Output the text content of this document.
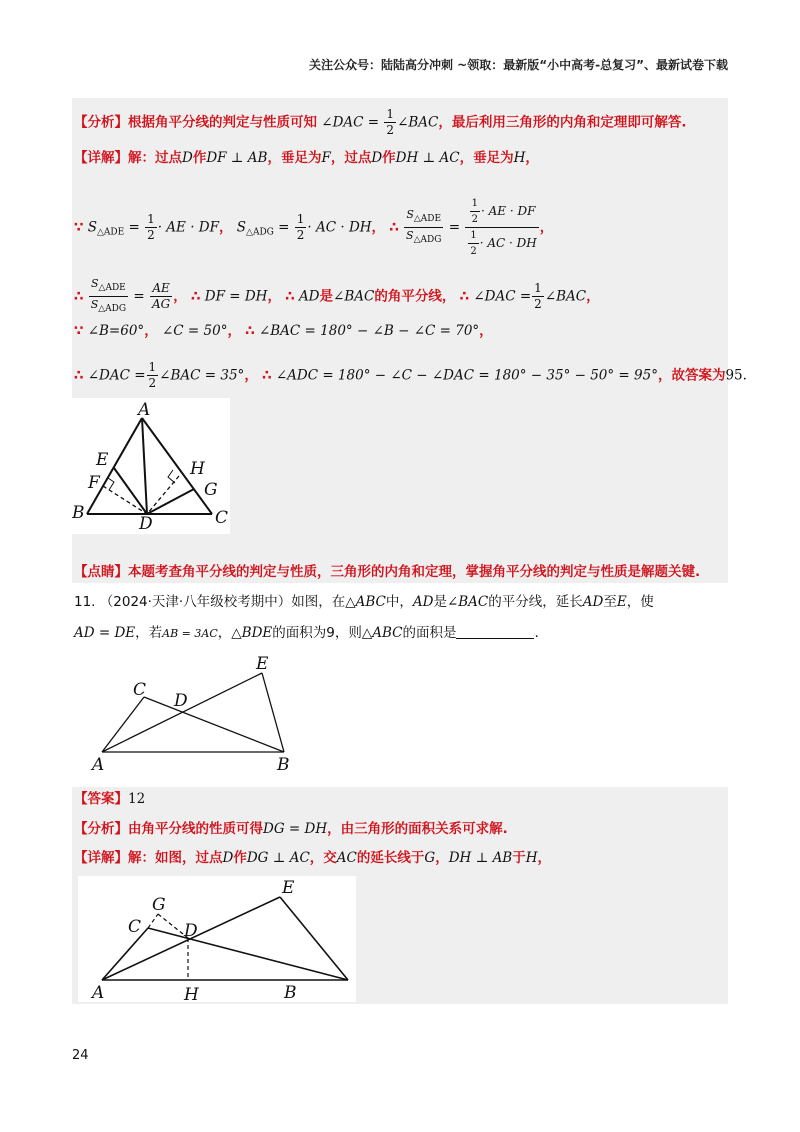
关注公众号：陆陆高分冲刺 ~领取：最新版“小中高考-总复习”、最新试卷下载
【分析】根据角平分线的判定与性质可知 ∠DAC = $\frac{1}{2}$ ∠BAC，最后利用三角形的内角和定理即可解答.
【详解】解：过点D作DF ⊥ AB，垂足为F，过点D作DH ⊥ AC，垂足为H，
∵ $S_{\triangle ADE} = \frac{1}{2}$ · AE · DF， $S_{\triangle ADG} = \frac{1}{2}$ · AC · DH， ∴ $\frac{S_{\triangle ADE}}{S_{\triangle ADG}} = \frac{\frac{1}{2} \cdot AE \cdot DF}{\frac{1}{2} \cdot AC \cdot DH}$ ，
∴ $\frac{S_{\triangle ADE}}{S_{\triangle ADG}} = \frac{AE}{AG}$ ， ∴ DF = DH， ∴ AD是∠BAC的角平分线， ∴ ∠DAC = $\frac{1}{2}$ ∠BAC，
∵ ∠B=60°， ∠C = 50°， ∴ ∠BAC = 180° − ∠B − ∠C = 70°，
∴ ∠DAC = $\frac{1}{2}$ ∠BAC = 35°， ∴ ∠ADC = 180° − ∠C − ∠DAC = 180° − 35° − 50° = 95°，故答案为95.
A
B	C
D
E
F	G
H
【点睛】本题考查角平分线的判定与性质，三角形的内角和定理，掌握角平分线的判定与性质是解题关键.
11. （2024·天津·八年级校考期中）如图，在△ABC中，AD是∠BAC的平分线，延长AD至E，使
AD = DE，若AB = 3AC，△BDE的面积为9，则△ABC的面积是	.
A	B
C
D
E
【答案】12
【分析】由角平分线的性质可得DG = DH，由三角形的面积关系可求解.
【详解】解：如图，过点D作DG ⊥ AC，交AC的延长线于G，DH ⊥ AB于H，
A	B
C	D
E
G
H
24
